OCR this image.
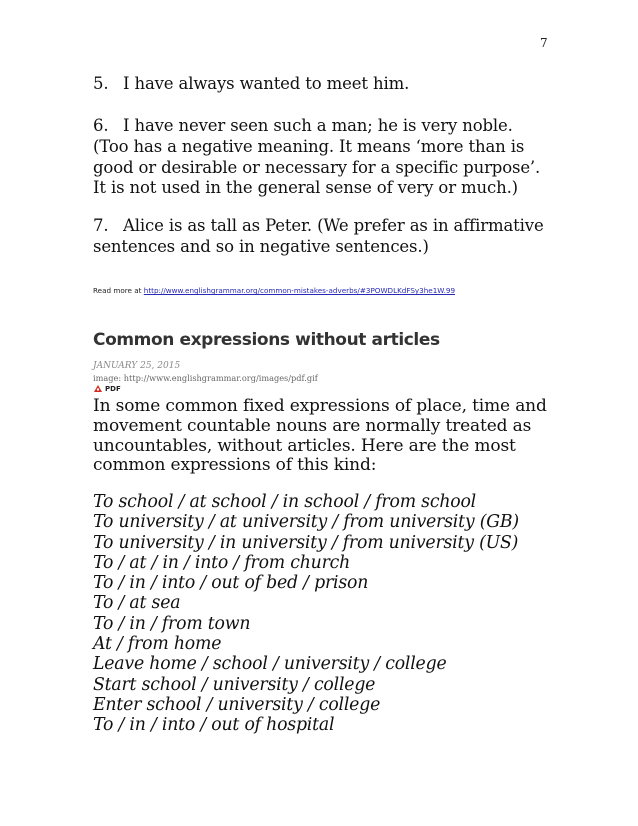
7
5. I have always wanted to meet him.
6. I have never seen such a man; he is very noble. (Too has a negative meaning. It means ‘more than is good or desirable or necessary for a specific purpose’. It is not used in the general sense of very or much.)
7. Alice is as tall as Peter. (We prefer as in affirmative sentences and so in negative sentences.)
Read more at http://www.englishgrammar.org/common-mistakes-adverbs/#3POWDLKdFSy3he1W.99
Common expressions without articles
JANUARY 25, 2015
image: http://www.englishgrammar.org/images/pdf.gif
PDF
In some common fixed expressions of place, time and movement countable nouns are normally treated as uncountables, without articles. Here are the most common expressions of this kind:
To school / at school / in school / from school
To university / at university / from university (GB)
To university / in university / from university (US)
To / at / in / into / from church
To / in / into / out of bed / prison
To / at sea
To / in / from town
At / from home
Leave home / school / university / college
Start school / university / college
Enter school / university / college
To / in / into / out of hospital
